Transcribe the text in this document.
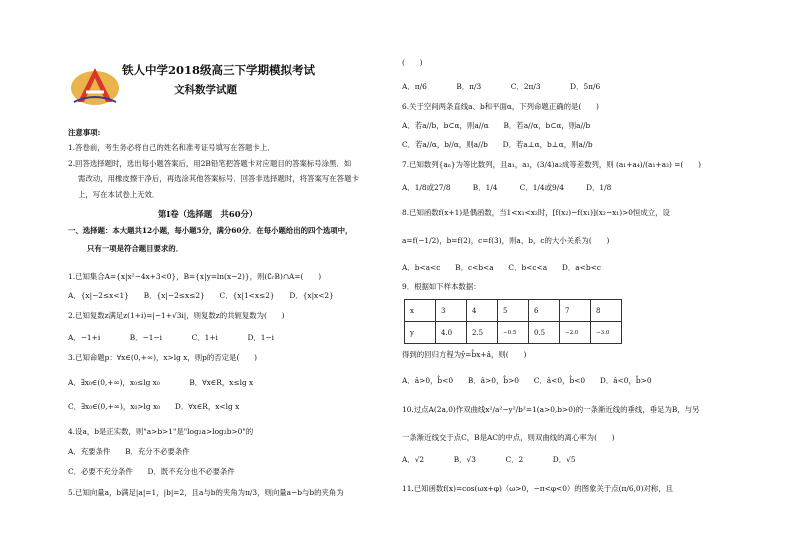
铁人中学2018级高三下学期模拟考试
文科数学试题
注意事项:
1.答卷前，考生务必将自己的姓名和准考证号填写在答题卡上．
2.回答选择题时，选出每小题答案后，用2B铅笔把答题卡对应题目的答案标号涂黑．如
需改动，用橡皮擦干净后，再选涂其他答案标号．回答非选择题时，将答案写在答题卡
上，写在本试卷上无效．
第Ⅰ卷（选择题　共60分）
一、选择题：本大题共12小题，每小题5分，满分60分．在每小题给出的四个选项中，
只有一项是符合题目要求的．
1.已知集合A={x|x²−4x+3<0}，B={x|y=ln(x−2)}，则(∁ᵣB)∩A=(　　)
A．{x|−2≤x<1}　　B．{x|−2≤x≤2}　　C．{x|1<x≤2}　　D．{x|x<2}
2.已知复数z满足z(1+i)=|−1+√3i|，则复数z的共轭复数为(　　)
A．−1+i　　　　B．−1−i　　　　C．1+i　　　　D．1−i
3.已知命题p：∀x∈(0,+∞)，x>lg x，则p的否定是(　　)
A．∃x₀∈(0,+∞)，x₀≤lg x₀　　　　B．∀x∈R，x≤lg x
C．∃x₀∈(0,+∞)，x₀>lg x₀　　D．∀x∈R，x<lg x
4.设a，b是正实数，则"a>b>1"是"log₂a>log₂b>0"的
A．充要条件　　B．充分不必要条件
C．必要不充分条件　　D．既不充分也不必要条件
5.已知向量a，b满足|a|=1，|b|=2，且a与b的夹角为π/3，则向量a−b与b的夹角为
(　　)
A．π/6　　　　B．π/3　　　　C．2π/3　　　　D．5π/6
6.关于空间两条直线a、b和平面α，下列命题正确的是(　　)
A．若a//b，b⊂α，则a//α　　B．若a//α，b⊂α，则a//b
C．若a//α，b//α，则a//b　　D．若a⊥α，b⊥α，则a//b
7.已知数列{aₙ}为等比数列，且a₁，a₃，(3/4)a₂成等差数列，则 (a₁+a₄)/(a₁+a₃) =(　　)
A．1/8或27/8　　　B．1/4　　　C．1/4或9/4　　　D．1/8
8.已知函数f(x+1)是偶函数，当1<x₁<x₂时，[f(x₂)−f(x₁)](x₂−x₁)>0恒成立，设
a=f(−1/2)，b=f(2)，c=f(3)，则a，b，c的大小关系为(　　)
A．b<a<c　　B．c<b<a　　C．b<c<a　　D．a<b<c
9．根据如下样本数据：
x	3	4	5	6	7	8
y	4.0	2.5	−0.5	0.5	−2.0	−3.0
得到的回归方程为ŷ=b̂x+â，则(　　)
A．â>0，b̂<0　　B．â>0，b̂>0　　C．â<0，b̂<0　　D．â<0，b̂>0
10.过点A(2a,0)作双曲线x²/a²−y²/b²=1(a>0,b>0)的一条渐近线的垂线，垂足为B，与另
一条渐近线交于点C，B是AC的中点，则双曲线的离心率为(　　)
A．√2　　　　B．√3　　　　C．2　　　　D．√5
11.已知函数f(x)=cos(ωx+φ)（ω>0，−π<φ<0）的图象关于点(π/6,0)对称，且
